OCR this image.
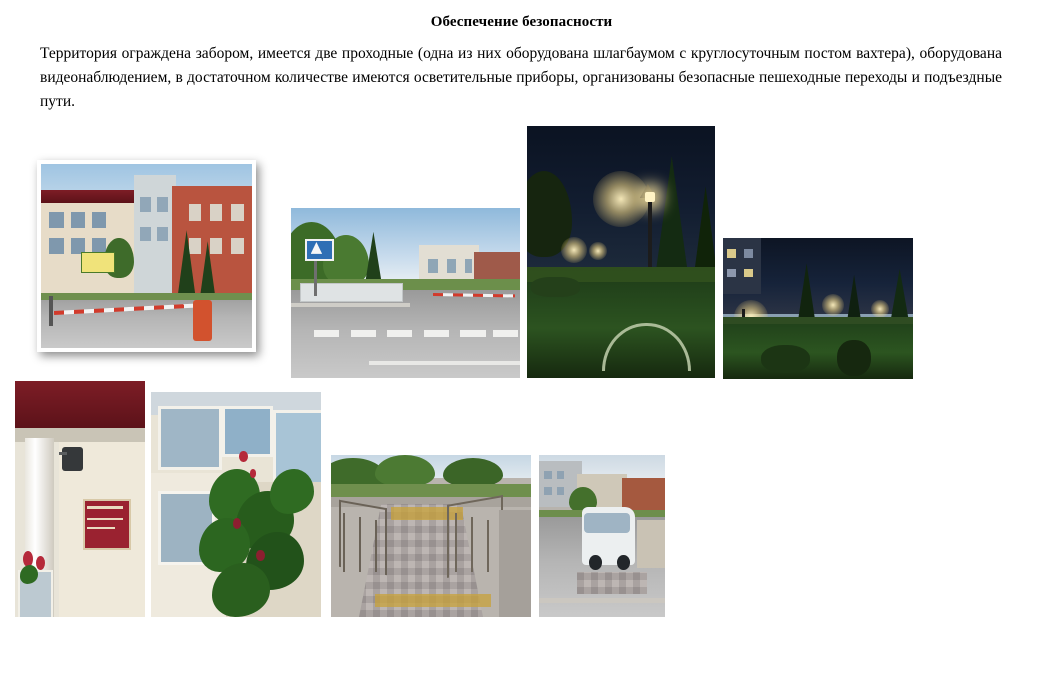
Обеспечение безопасности
Территория ограждена забором, имеется две проходные (одна из них оборудована шлагбаумом с круглосуточным постом вахтера), оборудована видеонаблюдением, в достаточном количестве имеются осветительные приборы, организованы безопасные пешеходные переходы и подъездные пути.
